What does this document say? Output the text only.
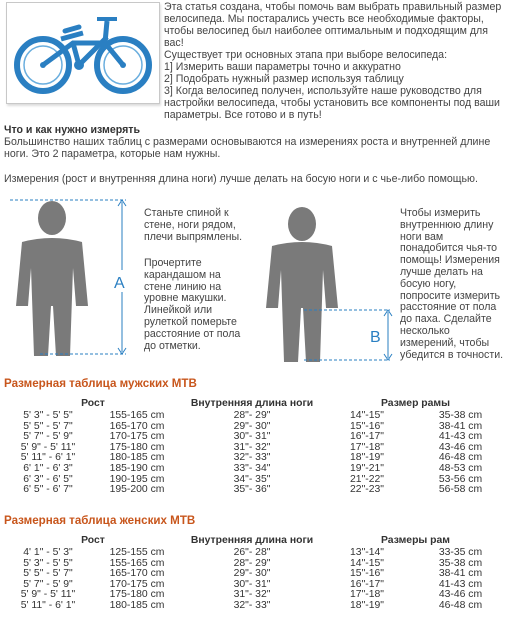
Эта статья создана, чтобы помочь вам выбрать правильный размер велосипеда. Мы постарались учесть все необходимые факторы, чтобы велосипед был наиболее оптимальным и подходящим для вас!

Существует три основных этапа при выборе велосипеда:

1] Измерить ваши параметры точно и аккуратно

2] Подобрать нужный размер используя таблицу

3] Когда велосипед получен, используйте наше руководство для настройки велосипеда, чтобы установить все компоненты под ваши параметры. Все готово и в путь!

Что и как нужно измерять

Большинство наших таблиц с размерами основываются на измерениях роста и внутренней длине ноги. Это 2 параметра, которые нам нужны.

Измерения (рост и внутренняя длина ноги) лучше делать на босую ноги и с чье-либо помощью.
A
Станьте спиной к стене, ноги рядом, плечи выпрямлены.
Прочертите карандашом на стене линию на уровне макушки. Линейкой или рулеткой померьте расстояние от пола до отметки.	B
Чтобы измерить внутреннюю длину ноги вам понадобится чья-то помощь! Измерения лучше делать на босую ногу, попросите измерить расстояние от пола до паха. Сделайте несколько измерений, чтобы убедится в точности.
Размерная таблица мужских МТВ
Рост		Внутренняя длина ноги	Размер рамы	
5' 3" - 5' 5"	155-165 cm	28"- 29"	14"-15"	35-38 cm
5' 5" - 5' 7"	165-170 cm	29"- 30"	15"-16"	38-41 cm
5' 7" - 5' 9"	170-175 cm	30"- 31"	16"-17"	41-43 cm
5' 9" - 5' 11"	175-180 cm	31"- 32"	17"-18"	43-46 cm
5' 11" - 6' 1"	180-185 cm	32"- 33"	18"-19"	46-48 cm
6' 1" - 6' 3"	185-190 cm	33"- 34"	19"-21"	48-53 cm
6' 3" - 6' 5"	190-195 cm	34"- 35"	21"-22"	53-56 cm
6' 5" - 6' 7"	195-200 cm	35"- 36"	22"-23"	56-58 cm
Размерная таблица женских МТВ
Рост		Внутренняя длина ноги	Размеры рам	
4' 1" - 5' 3"	125-155 cm	26"- 28"	13"-14"	33-35 cm
5' 3" - 5' 5"	155-165 cm	28"- 29"	14"-15"	35-38 cm
5' 5" - 5' 7"	165-170 cm	29"- 30"	15"-16"	38-41 cm
5' 7" - 5' 9"	170-175 cm	30"- 31"	16"-17"	41-43 cm
5' 9" - 5' 11"	175-180 cm	31"- 32"	17"-18"	43-46 cm
5' 11" - 6' 1"	180-185 cm	32"- 33"	18"-19"	46-48 cm
